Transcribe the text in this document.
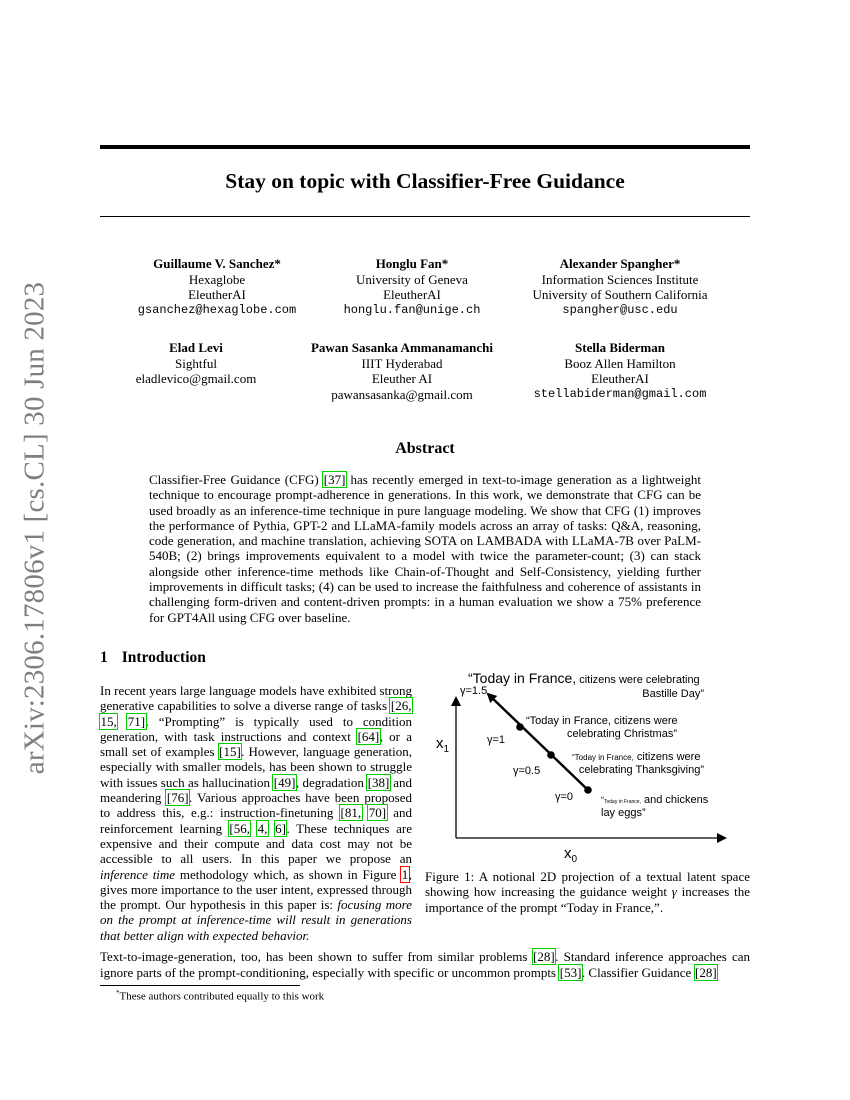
arXiv:2306.17806v1 [cs.CL] 30 Jun 2023
Stay on topic with Classifier-Free Guidance
Guillaume V. Sanchez*
Hexaglobe
EleutherAI
gsanchez@hexaglobe.com
Honglu Fan*
University of Geneva
EleutherAI
honglu.fan@unige.ch
Alexander Spangher*
Information Sciences Institute
University of Southern California
spangher@usc.edu
Elad Levi
Sightful
eladlevico@gmail.com
Pawan Sasanka Ammanamanchi
IIIT Hyderabad
Eleuther AI
pawansasanka@gmail.com
Stella Biderman
Booz Allen Hamilton
EleutherAI
stellabiderman@gmail.com
Abstract
Classifier-Free Guidance (CFG) [37] has recently emerged in text-to-image generation as a lightweight technique to encourage prompt-adherence in generations. In this work, we demonstrate that CFG can be used broadly as an inference-time technique in pure language modeling. We show that CFG (1) improves the performance of Pythia, GPT-2 and LLaMA-family models across an array of tasks: Q&A, reasoning, code generation, and machine translation, achieving SOTA on LAMBADA with LLaMA-7B over PaLM-540B; (2) brings improvements equivalent to a model with twice the parameter-count; (3) can stack alongside other inference-time methods like Chain-of-Thought and Self-Consistency, yielding further improvements in difficult tasks; (4) can be used to increase the faithfulness and coherence of assistants in challenging form-driven and content-driven prompts: in a human evaluation we show a 75% preference for GPT4All using CFG over baseline.
1 Introduction
In recent years large language models have exhibited strong generative capabilities to solve a diverse range of tasks [26, 15, 71]. “Prompting” is typically used to condition generation, with task instructions and context [64], or a small set of examples [15]. However, language generation, especially with smaller models, has been shown to struggle with issues such as hallucination [49], degradation [38] and meandering [76]. Various approaches have been proposed to address this, e.g.: instruction-finetuning [81, 70] and reinforcement learning [56, 4, 6]. These techniques are expensive and their compute and data cost may not be accessible to all users. In this paper we propose an inference time methodology which, as shown in Figure 1, gives more importance to the user intent, expressed through the prompt. Our hypothesis in this paper is: focusing more on the prompt at inference-time will result in generations that better align with expected behavior.
$x_1$
$x_0$
γ=1.5
γ=1
γ=0.5
γ=0
“Today in France, citizens were celebrating
Bastille Day”
“Today in France, citizens were
celebrating Christmas”
“Today in France, citizens were
celebrating Thanksgiving”
“Today in France, and chickens
lay eggs”
Figure 1: A notional 2D projection of a textual latent space showing how increasing the guidance weight γ increases the importance of the prompt “Today in France,”.
Text-to-image-generation, too, has been shown to suffer from similar problems [28]. Standard inference approaches can ignore parts of the prompt-conditioning, especially with specific or uncommon prompts [53]. Classifier Guidance [28]
*These authors contributed equally to this work
